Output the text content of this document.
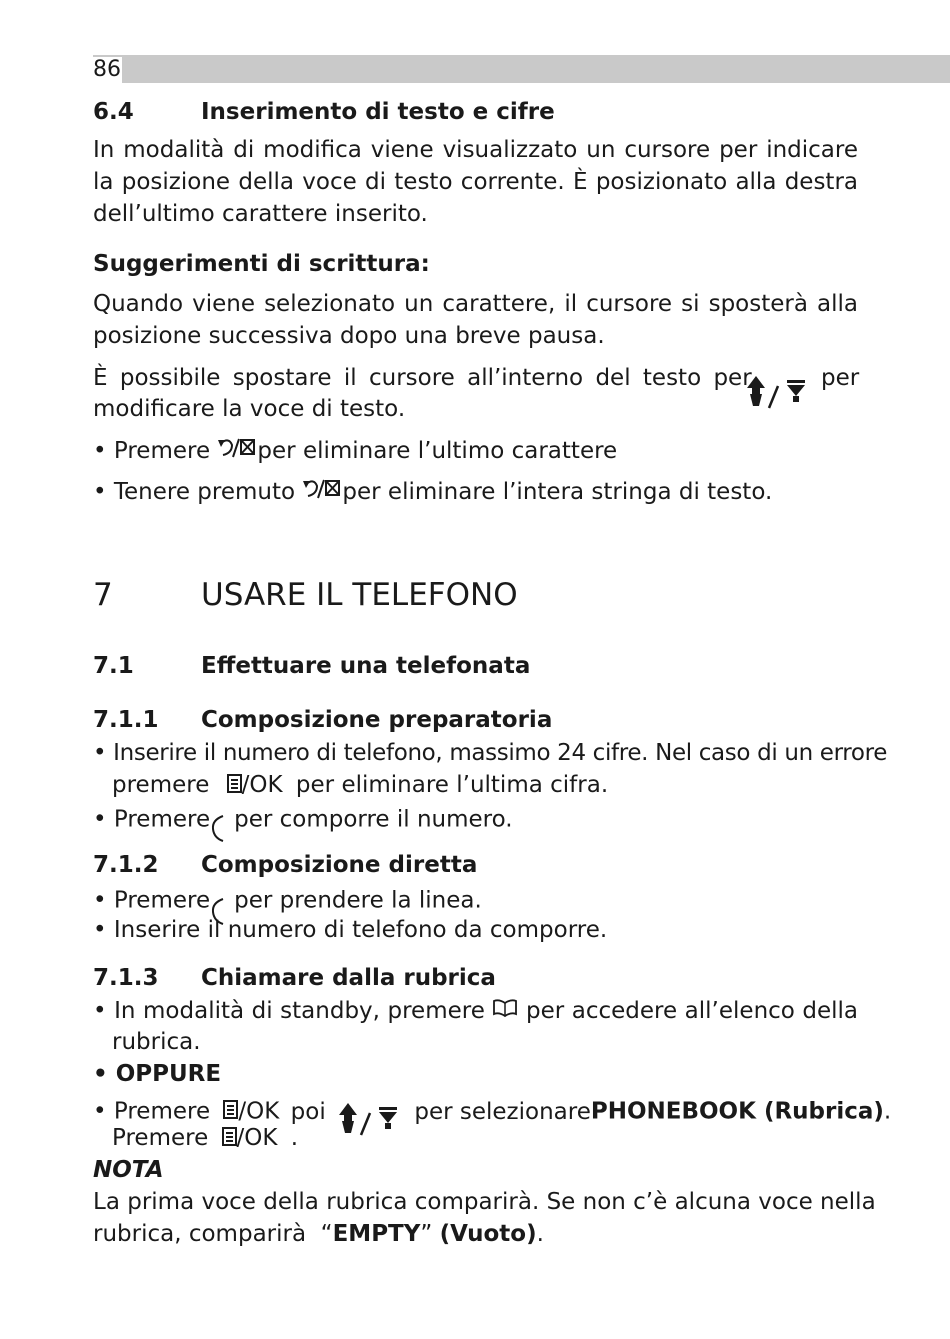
86
6.4	Inserimento di testo e cifre
In modalità di modifica viene visualizzato un cursore per indicare
la posizione della voce di testo corrente. È posizionato alla destra
dell’ultimo carattere inserito.
Suggerimenti di scrittura:
Quando viene selezionato un carattere, il cursore si sposterà alla
posizione successiva dopo una breve pausa.
È possibile spostare il cursore all’interno del testo per	per
modificare la voce di testo.
• Premere per eliminare l’ultimo carattere
• Tenere premuto per eliminare l’intera stringa di testo.
7	USARE IL TELEFONO
7.1	Effettuare una telefonata
7.1.1 Composizione preparatoria
• Inserire il numero di telefono, massimo 24 cifre. Nel caso di un errore
premere /OK per eliminare l’ultima cifra.
• Premere per comporre il numero.
7.1.2 Composizione diretta
• Premere per prendere la linea.
• Inserire il numero di telefono da comporre.
7.1.3 Chiamare dalla rubrica
• In modalità di standby, premere per accedere all’elenco della
rubrica.
• OPPURE
• Premere /OK poi	per selezionarePHONEBOOK (Rubrica).
Premere /OK .
NOTA
La prima voce della rubrica comparirà. Se non c’è alcuna voce nella
rubrica, comparirà  “EMPTY” (Vuoto).
